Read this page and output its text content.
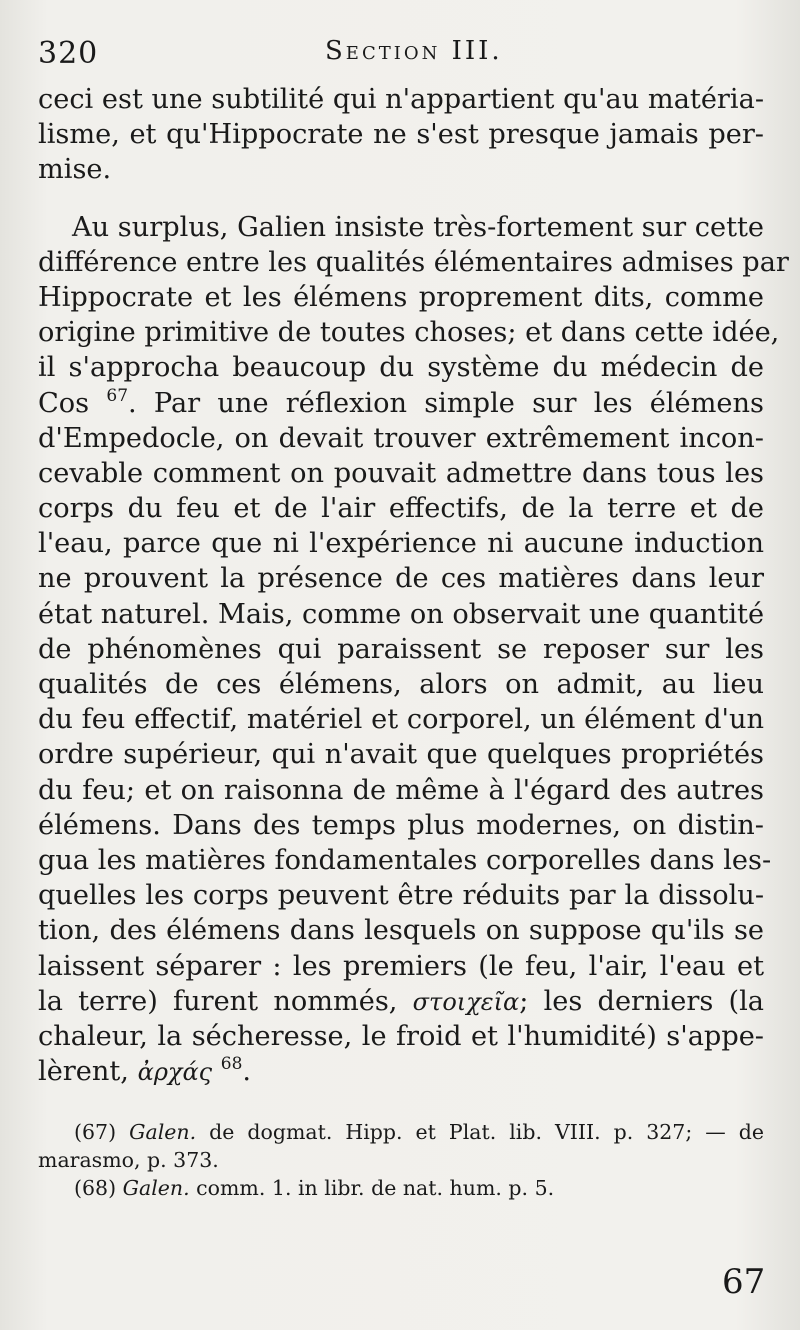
320	Section III.
ceci est une subtilité qui n'appartient qu'au matéria-
lisme, et qu'Hippocrate ne s'est presque jamais per-
mise.
Au surplus, Galien insiste très-fortement sur cette
différence entre les qualités élémentaires admises par
Hippocrate et les élémens proprement dits, comme
origine primitive de toutes choses; et dans cette idée,
il s'approcha beaucoup du système du médecin de
Cos $^{67}$. Par une réflexion simple sur les élémens
d'Empedocle, on devait trouver extrêmement incon-
cevable comment on pouvait admettre dans tous les
corps du feu et de l'air effectifs, de la terre et de
l'eau, parce que ni l'expérience ni aucune induction
ne prouvent la présence de ces matières dans leur
état naturel. Mais, comme on observait une quantité
de phénomènes qui paraissent se reposer sur les
qualités de ces élémens, alors on admit, au lieu
du feu effectif, matériel et corporel, un élément d'un
ordre supérieur, qui n'avait que quelques propriétés
du feu; et on raisonna de même à l'égard des autres
élémens. Dans des temps plus modernes, on distin-
gua les matières fondamentales corporelles dans les-
quelles les corps peuvent être réduits par la dissolu-
tion, des élémens dans lesquels on suppose qu'ils se
laissent séparer : les premiers (le feu, l'air, l'eau et
la terre) furent nommés, στοιχεῖα; les derniers (la
chaleur, la sécheresse, le froid et l'humidité) s'appe-
lèrent, ἀρχάς $^{68}$.
(67) Galen. de dogmat. Hipp. et Plat. lib. VIII. p. 327; — de
marasmo, p. 373.
(68) Galen. comm. 1. in libr. de nat. hum. p. 5.
67
